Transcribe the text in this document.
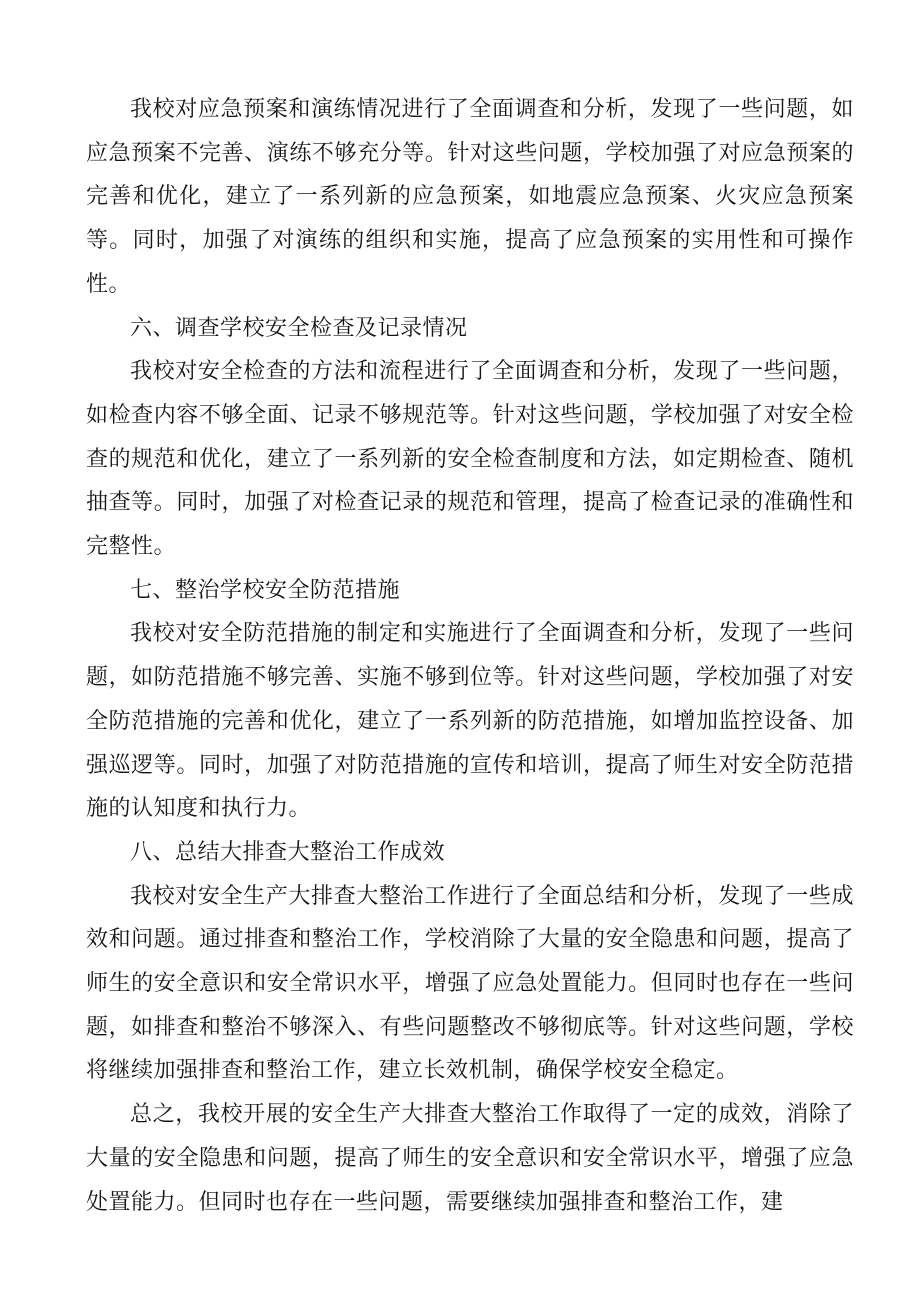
我校对应急预案和演练情况进行了全面调查和分析，发现了一些问题，如应急预案不完善、演练不够充分等。针对这些问题，学校加强了对应急预案的完善和优化，建立了一系列新的应急预案，如地震应急预案、火灾应急预案等。同时，加强了对演练的组织和实施，提高了应急预案的实用性和可操作性。

六、调查学校安全检查及记录情况

我校对安全检查的方法和流程进行了全面调查和分析，发现了一些问题，如检查内容不够全面、记录不够规范等。针对这些问题，学校加强了对安全检查的规范和优化，建立了一系列新的安全检查制度和方法，如定期检查、随机抽查等。同时，加强了对检查记录的规范和管理，提高了检查记录的准确性和完整性。

七、整治学校安全防范措施

我校对安全防范措施的制定和实施进行了全面调查和分析，发现了一些问题，如防范措施不够完善、实施不够到位等。针对这些问题，学校加强了对安全防范措施的完善和优化，建立了一系列新的防范措施，如增加监控设备、加强巡逻等。同时，加强了对防范措施的宣传和培训，提高了师生对安全防范措施的认知度和执行力。

八、总结大排查大整治工作成效

我校对安全生产大排查大整治工作进行了全面总结和分析，发现了一些成效和问题。通过排查和整治工作，学校消除了大量的安全隐患和问题，提高了师生的安全意识和安全常识水平，增强了应急处置能力。但同时也存在一些问题，如排查和整治不够深入、有些问题整改不够彻底等。针对这些问题，学校将继续加强排查和整治工作，建立长效机制，确保学校安全稳定。

总之，我校开展的安全生产大排查大整治工作取得了一定的成效，消除了大量的安全隐患和问题，提高了师生的安全意识和安全常识水平，增强了应急处置能力。但同时也存在一些问题，需要继续加强排查和整治工作，建
